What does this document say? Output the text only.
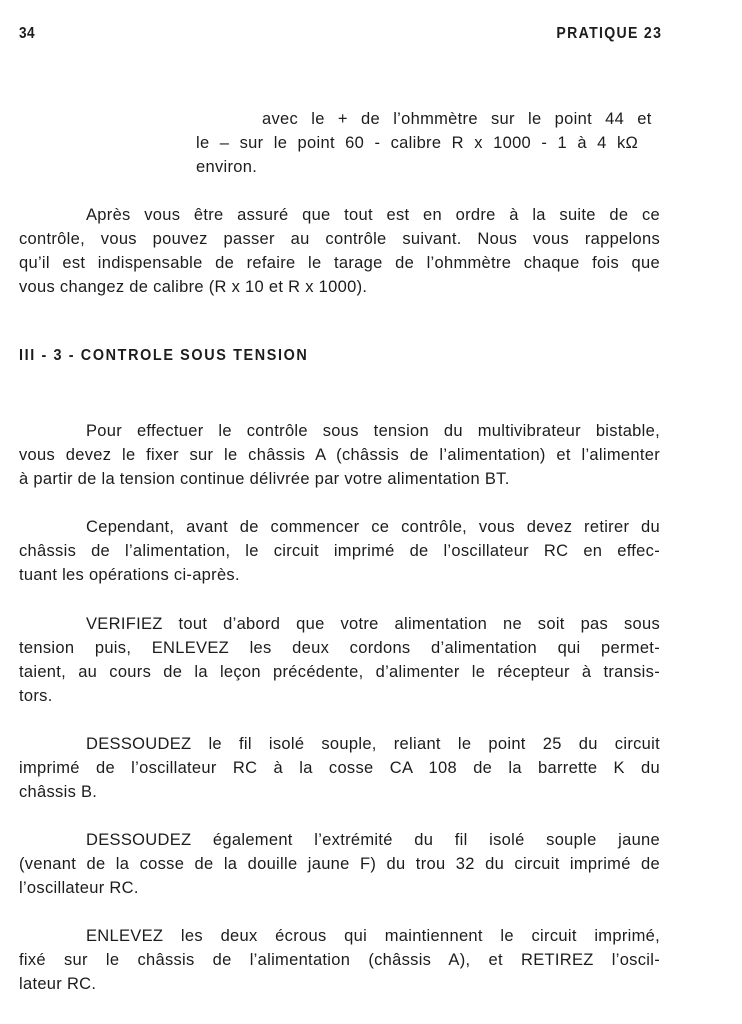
34	PRATIQUE 23
avec le + de l’ohmmètre sur le point 44 et
le – sur le point 60 - calibre R x 1000 - 1 à 4 kΩ
environ.
Après vous être assuré que tout est en ordre à la suite de ce
contrôle, vous pouvez passer au contrôle suivant. Nous vous rappelons
qu’il est indispensable de refaire le tarage de l’ohmmètre chaque fois que
vous changez de calibre (R x 10 et R x 1000).
III - 3 - CONTROLE SOUS TENSION
Pour effectuer le contrôle sous tension du multivibrateur bistable,
vous devez le fixer sur le châssis A (châssis de l’alimentation) et l’alimenter
à partir de la tension continue délivrée par votre alimentation BT.
Cependant, avant de commencer ce contrôle, vous devez retirer du
châssis de l’alimentation, le circuit imprimé de l’oscillateur RC en effec-
tuant les opérations ci-après.
VERIFIEZ tout d’abord que votre alimentation ne soit pas sous
tension puis, ENLEVEZ les deux cordons d’alimentation qui permet-
taient, au cours de la leçon précédente, d’alimenter le récepteur à transis-
tors.
DESSOUDEZ le fil isolé souple, reliant le point 25 du circuit
imprimé de l’oscillateur RC à la cosse CA 108 de la barrette K du
châssis B.
DESSOUDEZ également l’extrémité du fil isolé souple jaune
(venant de la cosse de la douille jaune F) du trou 32 du circuit imprimé de
l’oscillateur RC.
ENLEVEZ les deux écrous qui maintiennent le circuit imprimé,
fixé sur le châssis de l’alimentation (châssis A), et RETIREZ l’oscil-
lateur RC.
